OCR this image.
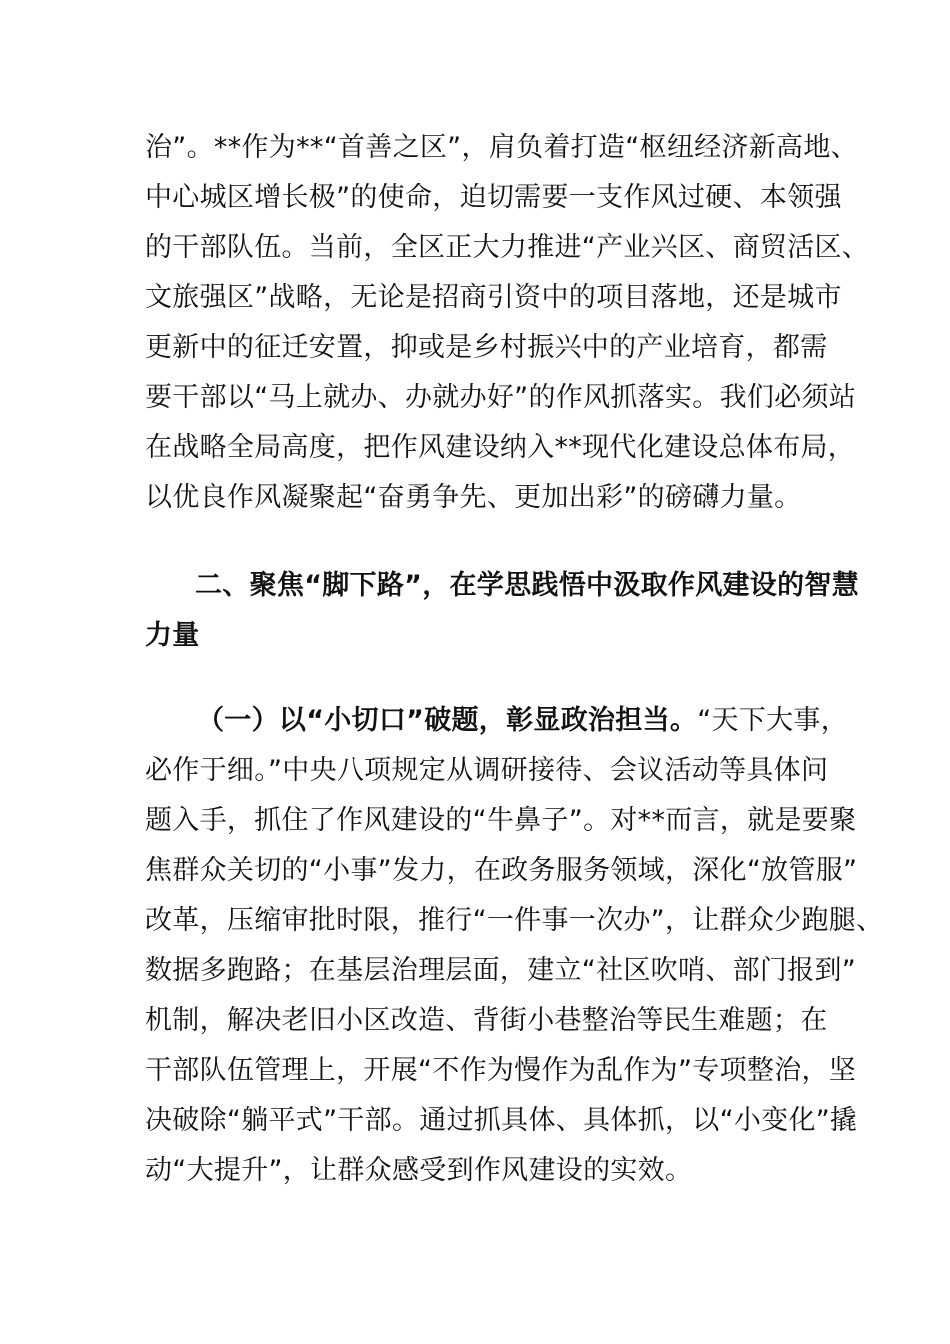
治”。**作为**“首善之区”，肩负着打造“枢纽经济新高地、
中心城区增长极”的使命，迫切需要一支作风过硬、本领强
的干部队伍。当前，全区正大力推进“产业兴区、商贸活区、
文旅强区”战略，无论是招商引资中的项目落地，还是城市
更新中的征迁安置，抑或是乡村振兴中的产业培育，都需
要干部以“马上就办、办就办好”的作风抓落实。我们必须站
在战略全局高度，把作风建设纳入**现代化建设总体布局，
以优良作风凝聚起“奋勇争先、更加出彩”的磅礴力量。
二、聚焦“脚下路”，在学思践悟中汲取作风建设的智慧
力量
（一）以“小切口”破题，彰显政治担当。“天下大事，
必作于细。”中央八项规定从调研接待、会议活动等具体问
题入手，抓住了作风建设的“牛鼻子”。对**而言，就是要聚
焦群众关切的“小事”发力，在政务服务领域，深化“放管服”
改革，压缩审批时限，推行“一件事一次办”，让群众少跑腿、
数据多跑路；在基层治理层面，建立“社区吹哨、部门报到”
机制，解决老旧小区改造、背街小巷整治等民生难题；在
干部队伍管理上，开展“不作为慢作为乱作为”专项整治，坚
决破除“躺平式”干部。通过抓具体、具体抓，以“小变化”撬
动“大提升”，让群众感受到作风建设的实效。
